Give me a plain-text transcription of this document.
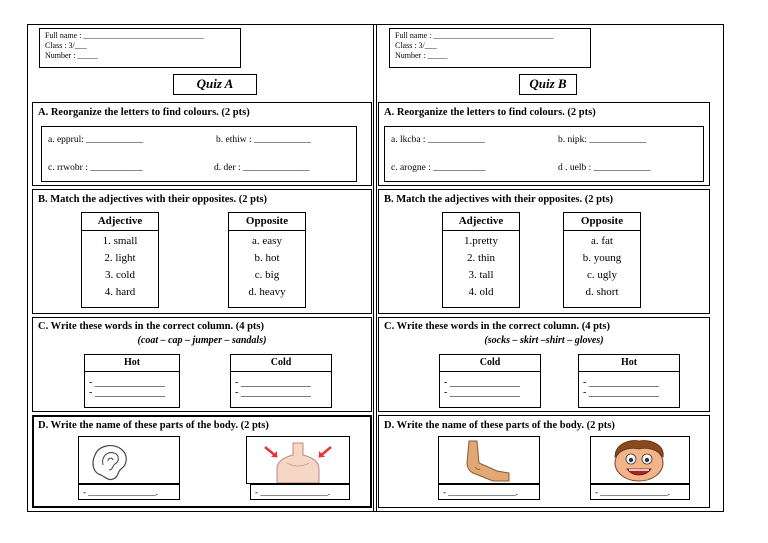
Full name : ______________________________
Class : 3/___
Number : _____
Quiz A
A. Reorganize the letters to find colours. (2 pts)
a. epprul: ____________	b. ethiw : ____________
c. rrwobr : ___________	d. der : ______________
B. Match the adjectives with their opposites. (2 pts)
Adjective
1. small
2. light
3. cold
4. hard
Opposite
a. easy
b. hot
c. big
d. heavy
C. Write these words in the correct column. (4 pts)
(coat – cap – jumper – sandals)
Hot
- ______________
- ______________
Cold
- ______________
- ______________
D. Write the name of these parts of the body. (2 pts)
- _______________.	- _______________.
Full name : ______________________________
Class : 3/___
Number : _____
Quiz B
A. Reorganize the letters to find colours. (2 pts)
a. lkcba : ____________	b. nipk: ____________
c. arogne : ___________	d . uelb : ____________
B. Match the adjectives with their opposites. (2 pts)
Adjective
1.pretty
2. thin
3. tall
4. old
Opposite
a. fat
b. young
c. ugly
d. short
C. Write these words in the correct column. (4 pts)
(socks – skirt –shirt – gloves)
Cold
- ______________
- ______________
Hot
- ______________
- ______________
D. Write the name of these parts of the body. (2 pts)
- _______________.	- _______________.
